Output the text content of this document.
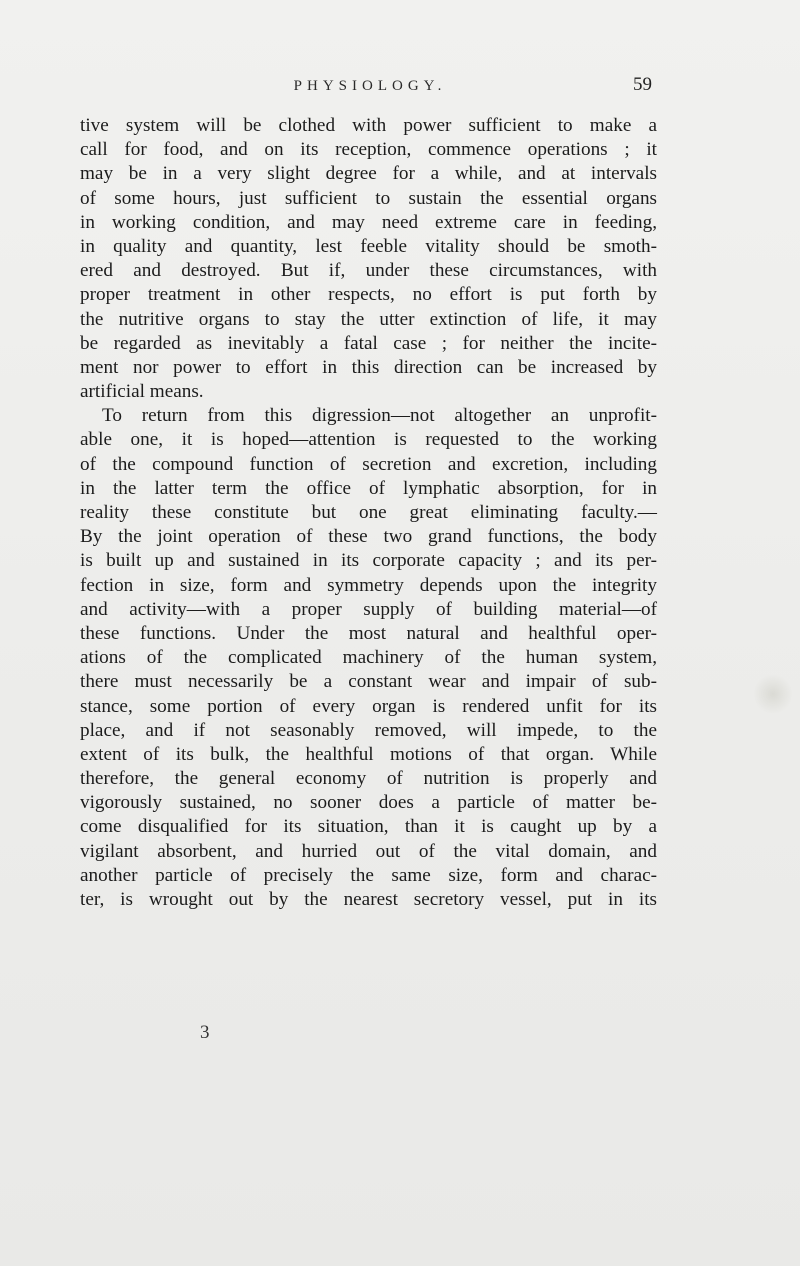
PHYSIOLOGY.	59
tive system will be clothed with power sufficient to make a
call for food, and on its reception, commence operations ; it
may be in a very slight degree for a while, and at intervals
of some hours, just sufficient to sustain the essential organs
in working condition, and may need extreme care in feeding,
in quality and quantity, lest feeble vitality should be smoth-
ered and destroyed. But if, under these circumstances, with
proper treatment in other respects, no effort is put forth by
the nutritive organs to stay the utter extinction of life, it may
be regarded as inevitably a fatal case ; for neither the incite-
ment nor power to effort in this direction can be increased by
artificial means.
To return from this digression—not altogether an unprofit-
able one, it is hoped—attention is requested to the working
of the compound function of secretion and excretion, including
in the latter term the office of lymphatic absorption, for in
reality these constitute but one great eliminating faculty.—
By the joint operation of these two grand functions, the body
is built up and sustained in its corporate capacity ; and its per-
fection in size, form and symmetry depends upon the integrity
and activity—with a proper supply of building material—of
these functions. Under the most natural and healthful oper-
ations of the complicated machinery of the human system,
there must necessarily be a constant wear and impair of sub-
stance, some portion of every organ is rendered unfit for its
place, and if not seasonably removed, will impede, to the
extent of its bulk, the healthful motions of that organ. While
therefore, the general economy of nutrition is properly and
vigorously sustained, no sooner does a particle of matter be-
come disqualified for its situation, than it is caught up by a
vigilant absorbent, and hurried out of the vital domain, and
another particle of precisely the same size, form and charac-
ter, is wrought out by the nearest secretory vessel, put in its
3
